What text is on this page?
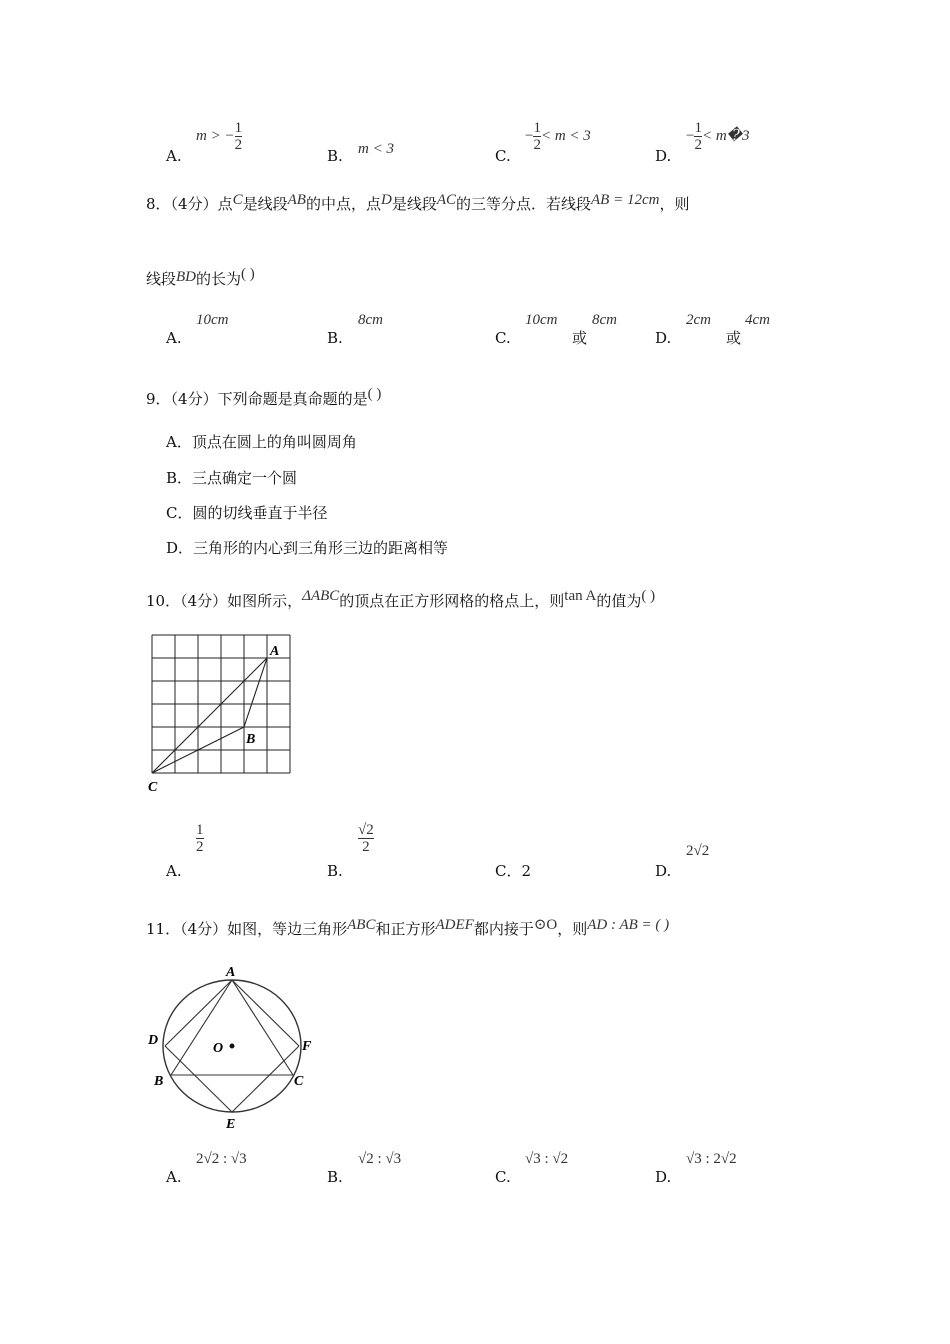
A.
m > − $\frac{1}{2}$
B. m < 3	C.
− $\frac{1}{2} < m < 3$
D.
− $\frac{1}{2}$ < m�3
8．（4分）点C是线段AB的中点，点D是线段AC的三等分点．若线段AB = 12cm，则
线段BD的长为( )
A.
10cm
B.
8cm
C.
10cm
或
8cm
D.
2cm
或
4cm
9．（4分）下列命题是真命题的是( )
A．顶点在圆上的角叫圆周角
B．三点确定一个圆
C．圆的切线垂直于半径
D．三角形的内心到三角形三边的距离相等
10．（4分）如图所示，ΔABC的顶点在正方形网格的格点上，则tan A的值为( )
A
B
C
A.
1
2
B.
√2
2
C．2	D.
2√2
11．（4分）如图，等边三角形ABC和正方形ADEF都内接于⊙O，则AD : AB = ( )
A
D
O	F
B	C
E
A.
2√2 : √3
B.
√2 : √3
C.
√3 : √2
D.
√3 : 2√2
